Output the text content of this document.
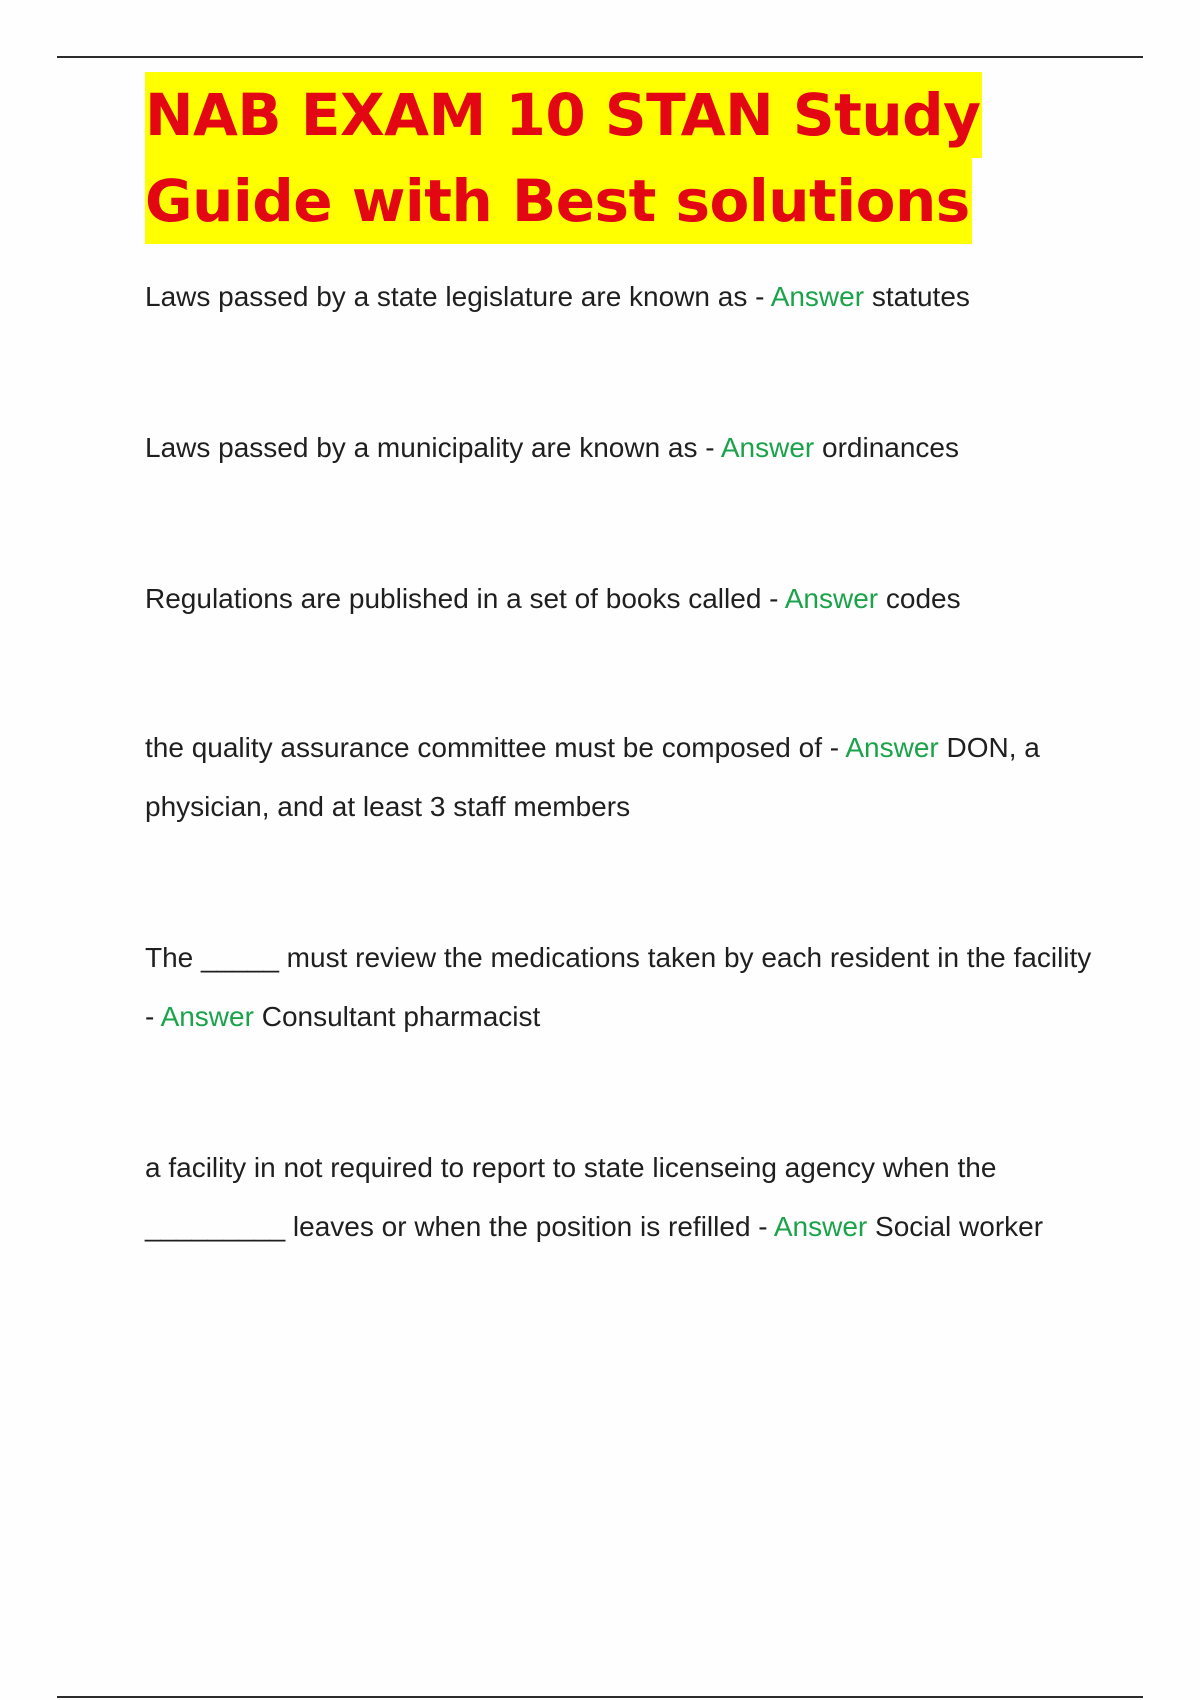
NAB EXAM 10 STAN Study
Guide with Best solutions

Laws passed by a state legislature are known as - Answer statutes

Laws passed by a municipality are known as - Answer ordinances

Regulations are published in a set of books called - Answer codes

the quality assurance committee must be composed of - Answer DON, a physician, and at least 3 staff members

The _____ must review the medications taken by each resident in the facility - Answer Consultant pharmacist

a facility in not required to report to state licenseing agency when the _________ leaves or when the position is refilled - Answer Social worker
